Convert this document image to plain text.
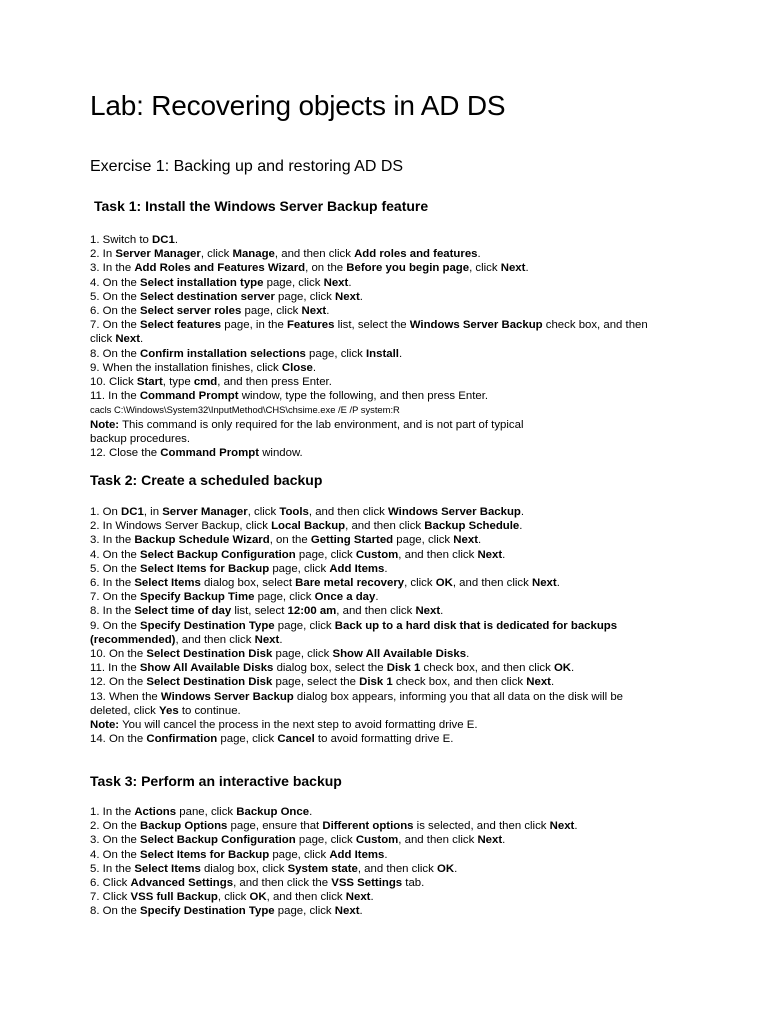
Lab: Recovering objects in AD DS
Exercise 1: Backing up and restoring AD DS
Task 1: Install the Windows Server Backup feature

1. Switch to DC1.

2. In Server Manager, click Manage, and then click Add roles and features.

3. In the Add Roles and Features Wizard, on the Before you begin page, click Next.

4. On the Select installation type page, click Next.

5. On the Select destination server page, click Next.

6. On the Select server roles page, click Next.

7. On the Select features page, in the Features list, select the Windows Server Backup check box, and then click Next.

8. On the Confirm installation selections page, click Install.

9. When the installation finishes, click Close.

10. Click Start, type cmd, and then press Enter.

11. In the Command Prompt window, type the following, and then press Enter.

cacls C:\Windows\System32\InputMethod\CHS\chsime.exe /E /P system:R

Note: This command is only required for the lab environment, and is not part of typical
backup procedures.

12. Close the Command Prompt window.

Task 2: Create a scheduled backup

1. On DC1, in Server Manager, click Tools, and then click Windows Server Backup.

2. In Windows Server Backup, click Local Backup, and then click Backup Schedule.

3. In the Backup Schedule Wizard, on the Getting Started page, click Next.

4. On the Select Backup Configuration page, click Custom, and then click Next.

5. On the Select Items for Backup page, click Add Items.

6. In the Select Items dialog box, select Bare metal recovery, click OK, and then click Next.

7. On the Specify Backup Time page, click Once a day.

8. In the Select time of day list, select 12:00 am, and then click Next.

9. On the Specify Destination Type page, click Back up to a hard disk that is dedicated for backups (recommended), and then click Next.

10. On the Select Destination Disk page, click Show All Available Disks.

11. In the Show All Available Disks dialog box, select the Disk 1 check box, and then click OK.

12. On the Select Destination Disk page, select the Disk 1 check box, and then click Next.

13. When the Windows Server Backup dialog box appears, informing you that all data on the disk will be deleted, click Yes to continue.

Note: You will cancel the process in the next step to avoid formatting drive E.

14. On the Confirmation page, click Cancel to avoid formatting drive E.

Task 3: Perform an interactive backup

1. In the Actions pane, click Backup Once.

2. On the Backup Options page, ensure that Different options is selected, and then click Next.

3. On the Select Backup Configuration page, click Custom, and then click Next.

4. On the Select Items for Backup page, click Add Items.

5. In the Select Items dialog box, click System state, and then click OK.

6. Click Advanced Settings, and then click the VSS Settings tab.

7. Click VSS full Backup, click OK, and then click Next.

8. On the Specify Destination Type page, click Next.
